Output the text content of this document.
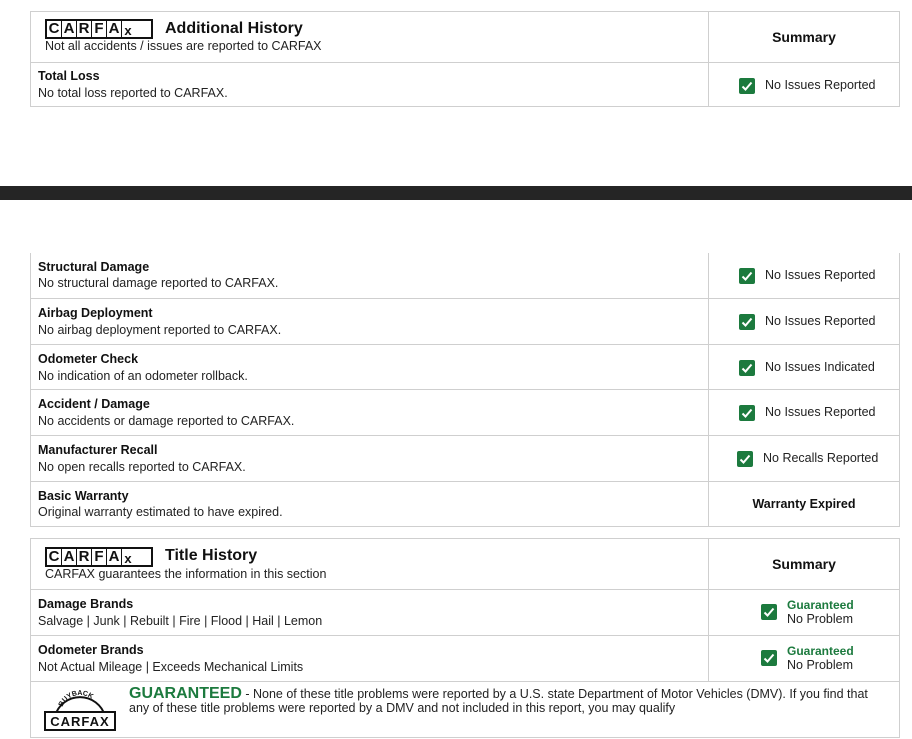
C A R F A x Additional History
Not all accidents / issues are reported to CARFAX
Summary
Total Loss
No total loss reported to CARFAX.
No Issues Reported
Structural Damage
No structural damage reported to CARFAX.
No Issues Reported
Airbag Deployment
No airbag deployment reported to CARFAX.
No Issues Reported
Odometer Check
No indication of an odometer rollback.
No Issues Indicated
Accident / Damage
No accidents or damage reported to CARFAX.
No Issues Reported
Manufacturer Recall
No open recalls reported to CARFAX.
No Recalls Reported
Basic Warranty
Original warranty estimated to have expired.
Warranty Expired
C A R F A x Title History
CARFAX guarantees the information in this section
Summary
Damage Brands
Salvage | Junk | Rebuilt | Fire | Flood | Hail | Lemon
Guaranteed
No Problem
Odometer Brands
Not Actual Mileage | Exceeds Mechanical Limits
Guaranteed
No Problem
BUYBACK
CARFAX
GUARANTEED - None of these title problems were reported by a U.S. state Department of Motor Vehicles (DMV). If you find that any of these title problems were reported by a DMV and not included in this report, you may qualify
